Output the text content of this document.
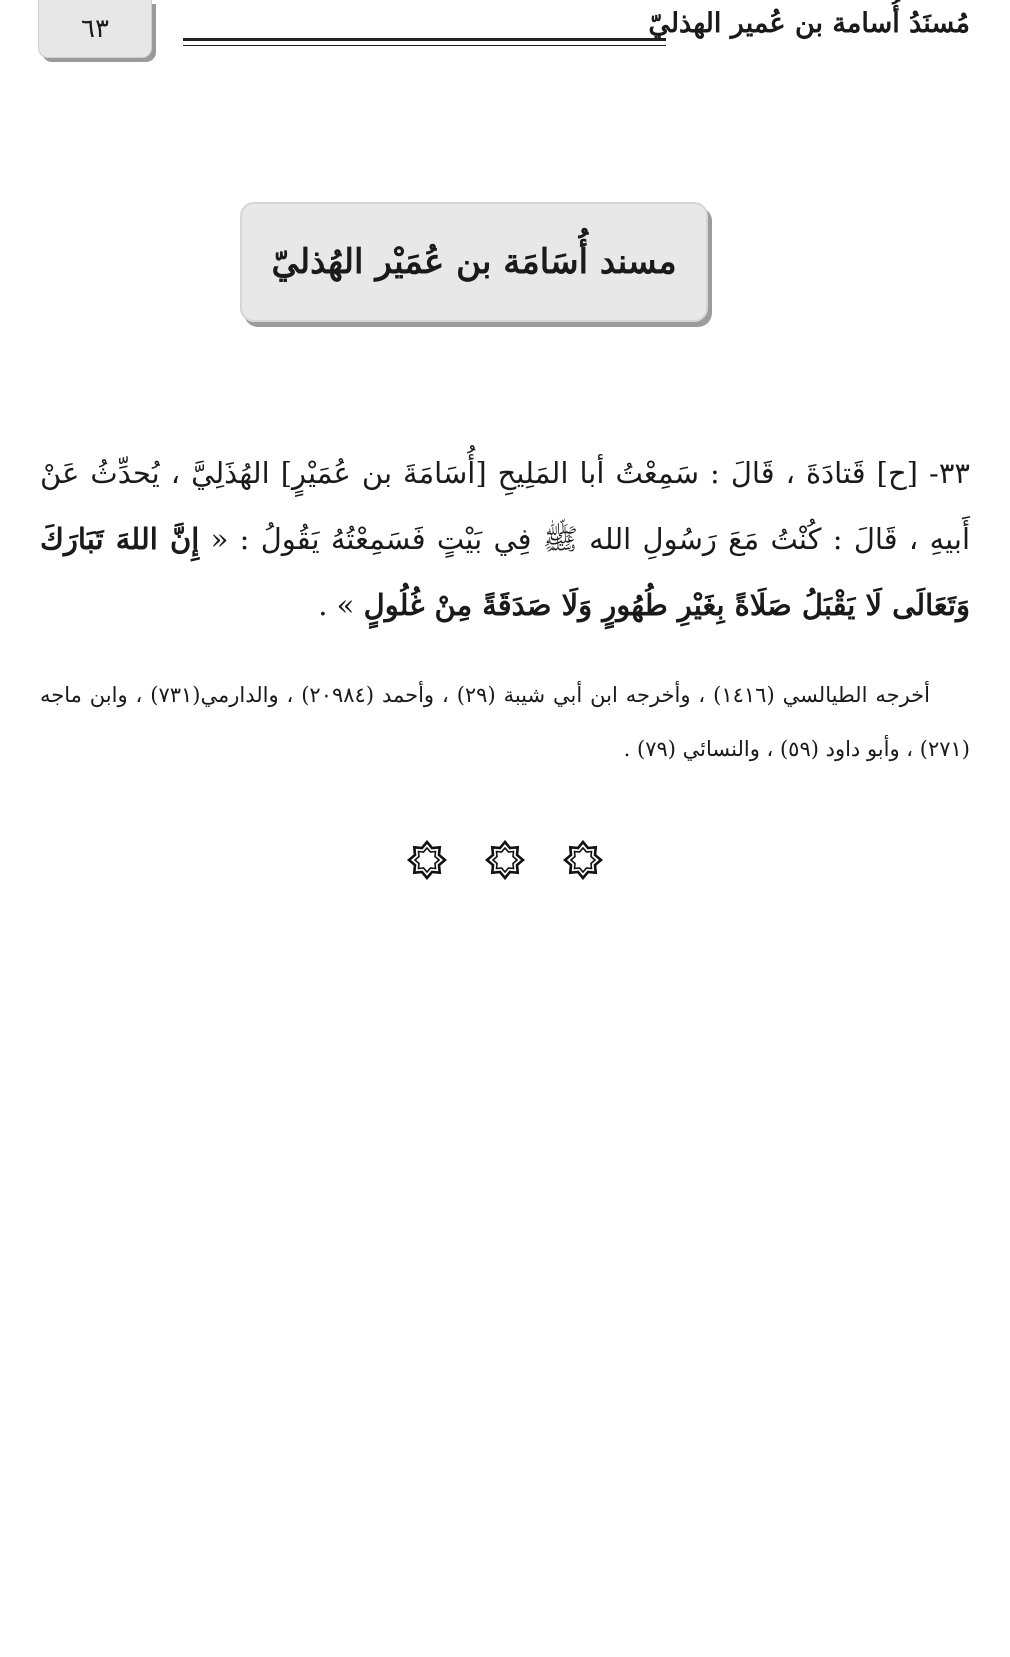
٦٣	مُسنَدُ أُسامة بن عُمير الهذليّ
مسند أُسَامَة بن عُمَيْر الهُذليّ
٣٣- [ح] قَتادَةَ ، قَالَ : سَمِعْتُ أبا المَلِيحِ [أُسَامَةَ بن عُمَيْرٍ] الهُذَلِيَّ ، يُحدِّثُ عَنْ أَبيهِ ، قَالَ : كُنْتُ مَعَ رَسُولِ الله ﷺ فِي بَيْتٍ فَسَمِعْتُهُ يَقُولُ : « إِنَّ اللهَ تَبَارَكَ وَتَعَالَى لَا يَقْبَلُ صَلَاةً بِغَيْرِ طُهُورٍ وَلَا صَدَقَةً مِنْ غُلُولٍ » .
أخرجه الطيالسي (١٤١٦) ، وأخرجه ابن أبي شيبة (٢٩) ، وأحمد (٢٠٩٨٤) ، والدارمي(٧٣١) ، وابن ماجه (٢٧١) ، وأبو داود (٥٩) ، والنسائي (٧٩) .
